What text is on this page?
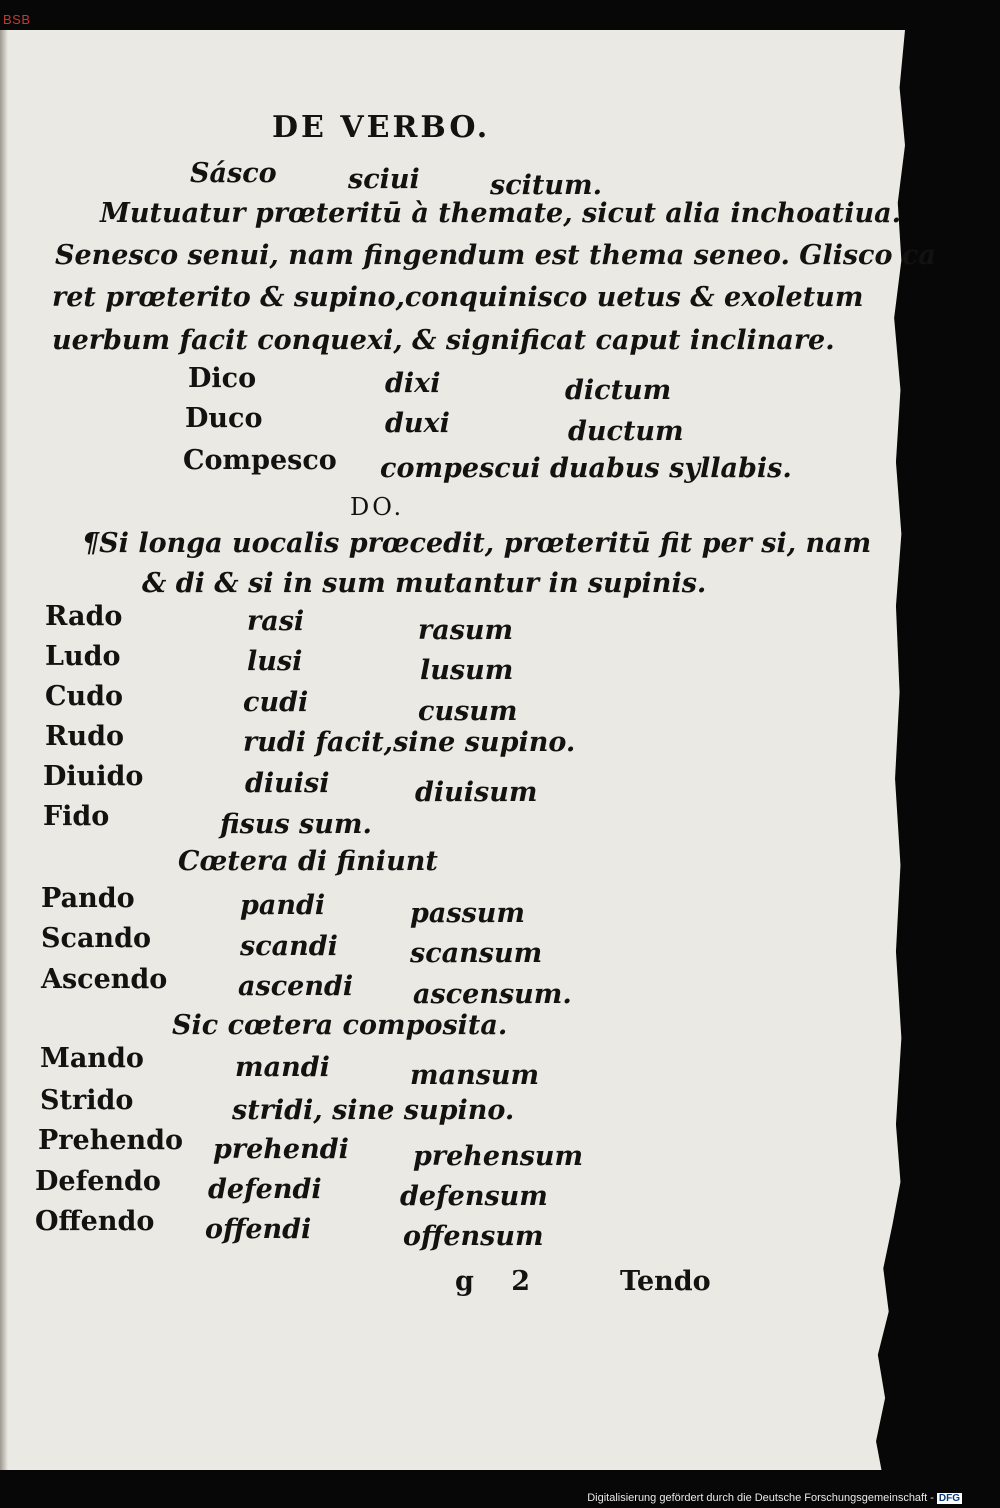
BSB
DE VERBO.
Sásco	sciui	scitum.
Mutuatur prœteritū à themate, sicut alia inchoatiua.
Senesco senui, nam fingendum est thema seneo. Glisco ca
ret prœterito & supino,conquinisco uetus & exoletum
uerbum facit conquexi, & significat caput inclinare.
Dico	dixi	dictum
Duco	duxi	ductum
Compesco compescui duabus syllabis.
DO.
¶Si longa uocalis prœcedit, prœteritū fit per si, nam
& di & si in sum mutantur in supinis.
Rado	rasi	rasum
Ludo	lusi	lusum
Cudo	cudi	cusum
Rudo	rudi facit,sine supino.
Diuido	diuisi	diuisum
Fido	fisus sum.
Cœtera di finiunt
Pando	pandi	passum
Scando	scandi	scansum
Ascendo	ascendi ascensum.
Sic cœtera composita.
Mando	mandi	mansum
Strido	stridi, sine supino.
Prehendo prehendi prehensum
Defendo defendi	defensum
Offendo offendi	offensum
g 2	Tendo
Digitalisierung gefördert durch die Deutsche Forschungsgemeinschaft - DFG
